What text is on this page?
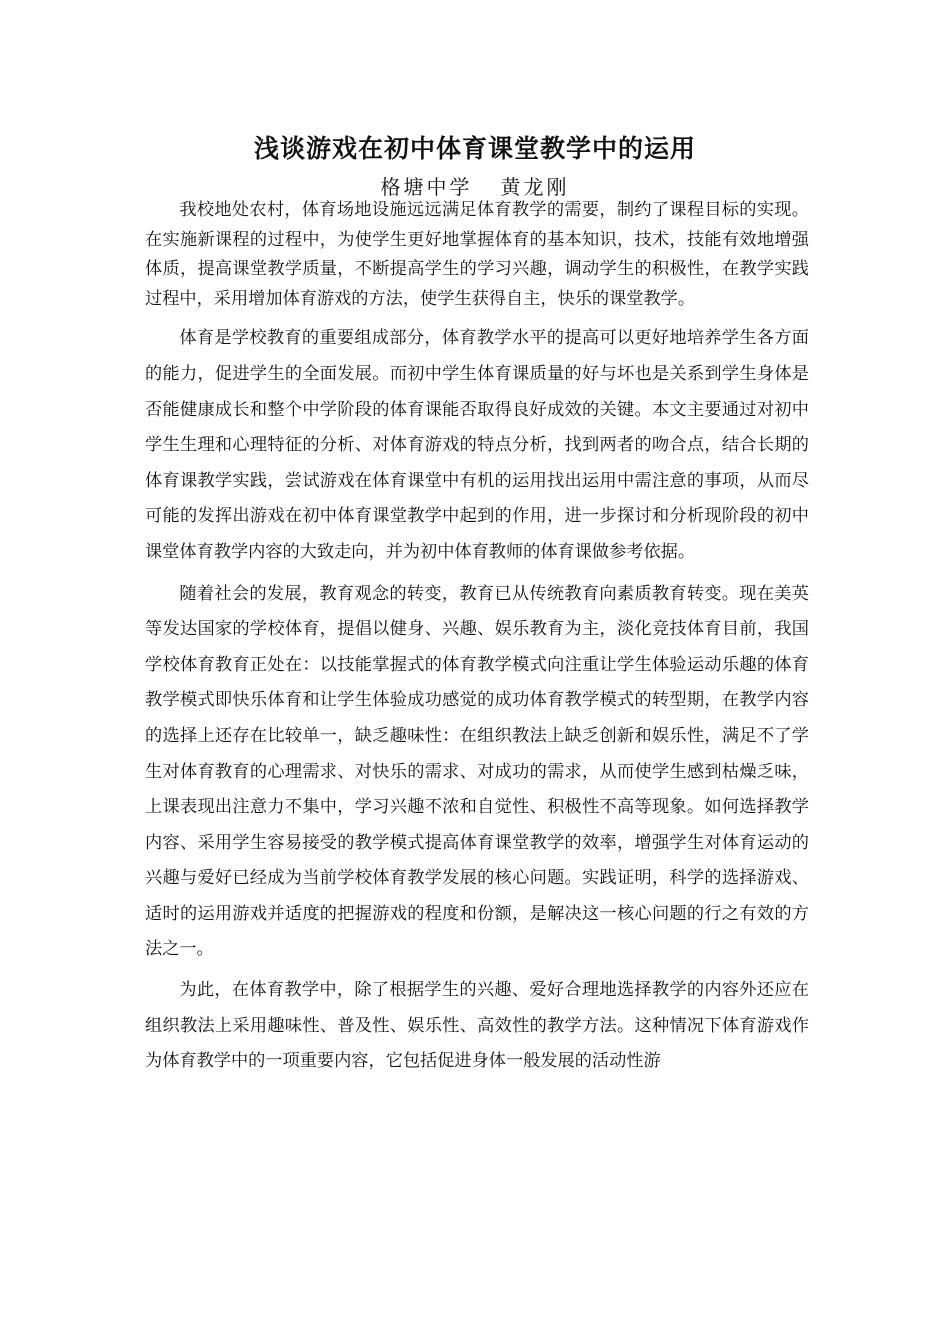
浅谈游戏在初中体育课堂教学中的运用
格塘中学 黄龙刚

我校地处农村，体育场地设施远远满足体育教学的需要，制约了课程目标的实现。在实施新课程的过程中，为使学生更好地掌握体育的基本知识，技术，技能有效地增强体质，提高课堂教学质量，不断提高学生的学习兴趣，调动学生的积极性，在教学实践过程中，采用增加体育游戏的方法，使学生获得自主，快乐的课堂教学。

体育是学校教育的重要组成部分，体育教学水平的提高可以更好地培养学生各方面的能力，促进学生的全面发展。而初中学生体育课质量的好与坏也是关系到学生身体是否能健康成长和整个中学阶段的体育课能否取得良好成效的关键。本文主要通过对初中学生生理和心理特征的分析、对体育游戏的特点分析，找到两者的吻合点，结合长期的体育课教学实践，尝试游戏在体育课堂中有机的运用找出运用中需注意的事项，从而尽可能的发挥出游戏在初中体育课堂教学中起到的作用，进一步探讨和分析现阶段的初中课堂体育教学内容的大致走向，并为初中体育教师的体育课做参考依据。

随着社会的发展，教育观念的转变，教育已从传统教育向素质教育转变。现在美英等发达国家的学校体育，提倡以健身、兴趣、娱乐教育为主，淡化竞技体育目前，我国学校体育教育正处在：以技能掌握式的体育教学模式向注重让学生体验运动乐趣的体育教学模式即快乐体育和让学生体验成功感觉的成功体育教学模式的转型期，在教学内容的选择上还存在比较单一，缺乏趣味性：在组织教法上缺乏创新和娱乐性，满足不了学生对体育教育的心理需求、对快乐的需求、对成功的需求，从而使学生感到枯燥乏味，上课表现出注意力不集中，学习兴趣不浓和自觉性、积极性不高等现象。如何选择教学内容、采用学生容易接受的教学模式提高体育课堂教学的效率，增强学生对体育运动的兴趣与爱好已经成为当前学校体育教学发展的核心问题。实践证明，科学的选择游戏、适时的运用游戏并适度的把握游戏的程度和份额，是解决这一核心问题的行之有效的方法之一。

为此，在体育教学中，除了根据学生的兴趣、爱好合理地选择教学的内容外还应在组织教法上采用趣味性、普及性、娱乐性、高效性的教学方法。这种情况下体育游戏作为体育教学中的一项重要内容，它包括促进身体一般发展的活动性游
